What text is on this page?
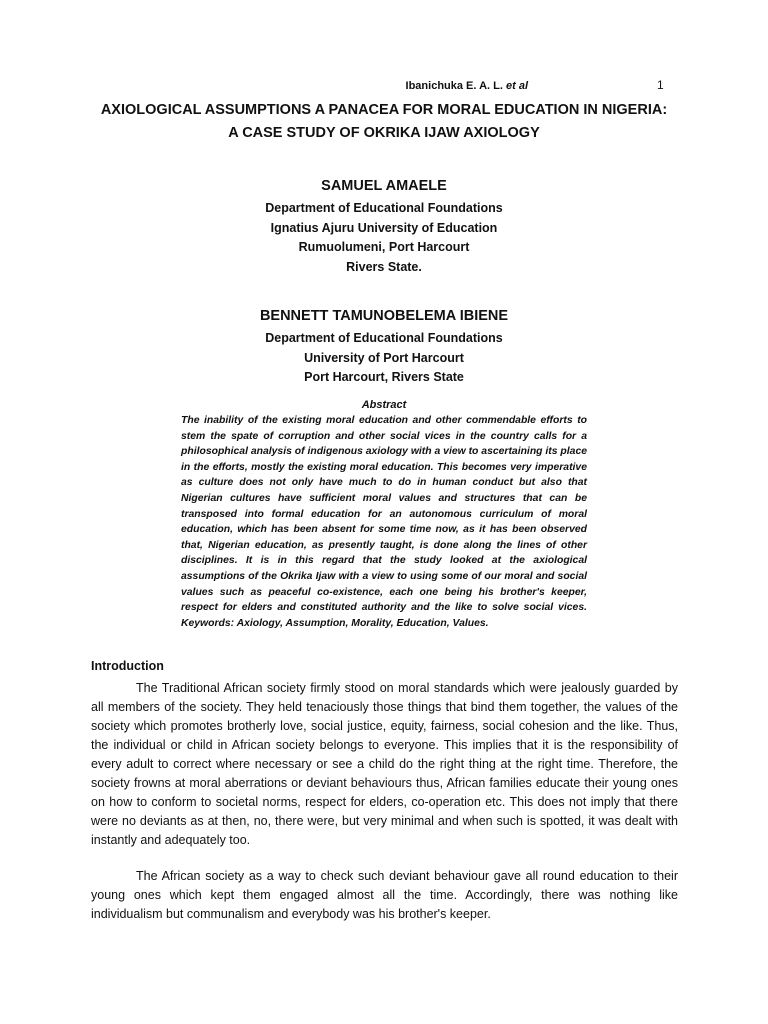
Ibanichuka E. A. L. et al	1
AXIOLOGICAL ASSUMPTIONS A PANACEA FOR MORAL EDUCATION IN NIGERIA:
A CASE STUDY OF OKRIKA IJAW AXIOLOGY
SAMUEL AMAELE
Department of Educational Foundations
Ignatius Ajuru University of Education
Rumuolumeni, Port Harcourt
Rivers State.
BENNETT TAMUNOBELEMA IBIENE
Department of Educational Foundations
University of Port Harcourt
Port Harcourt, Rivers State
Abstract

The inability of the existing moral education and other commendable efforts to stem the spate of corruption and other social vices in the country calls for a philosophical analysis of indigenous axiology with a view to ascertaining its place in the efforts, mostly the existing moral education. This becomes very imperative as culture does not only have much to do in human conduct but also that Nigerian cultures have sufficient moral values and structures that can be transposed into formal education for an autonomous curriculum of moral education, which has been absent for some time now, as it has been observed that, Nigerian education, as presently taught, is done along the lines of other disciplines. It is in this regard that the study looked at the axiological assumptions of the Okrika Ijaw with a view to using some of our moral and social values such as peaceful co-existence, each one being his brother's keeper, respect for elders and constituted authority and the like to solve social vices. Keywords: Axiology, Assumption, Morality, Education, Values.

Introduction

The Traditional African society firmly stood on moral standards which were jealously guarded by all members of the society. They held tenaciously those things that bind them together, the values of the society which promotes brotherly love, social justice, equity, fairness, social cohesion and the like. Thus, the individual or child in African society belongs to everyone. This implies that it is the responsibility of every adult to correct where necessary or see a child do the right thing at the right time. Therefore, the society frowns at moral aberrations or deviant behaviours thus, African families educate their young ones on how to conform to societal norms, respect for elders, co-operation etc. This does not imply that there were no deviants as at then, no, there were, but very minimal and when such is spotted, it was dealt with instantly and adequately too.

The African society as a way to check such deviant behaviour gave all round education to their young ones which kept them engaged almost all the time. Accordingly, there was nothing like individualism but communalism and everybody was his brother's keeper.
